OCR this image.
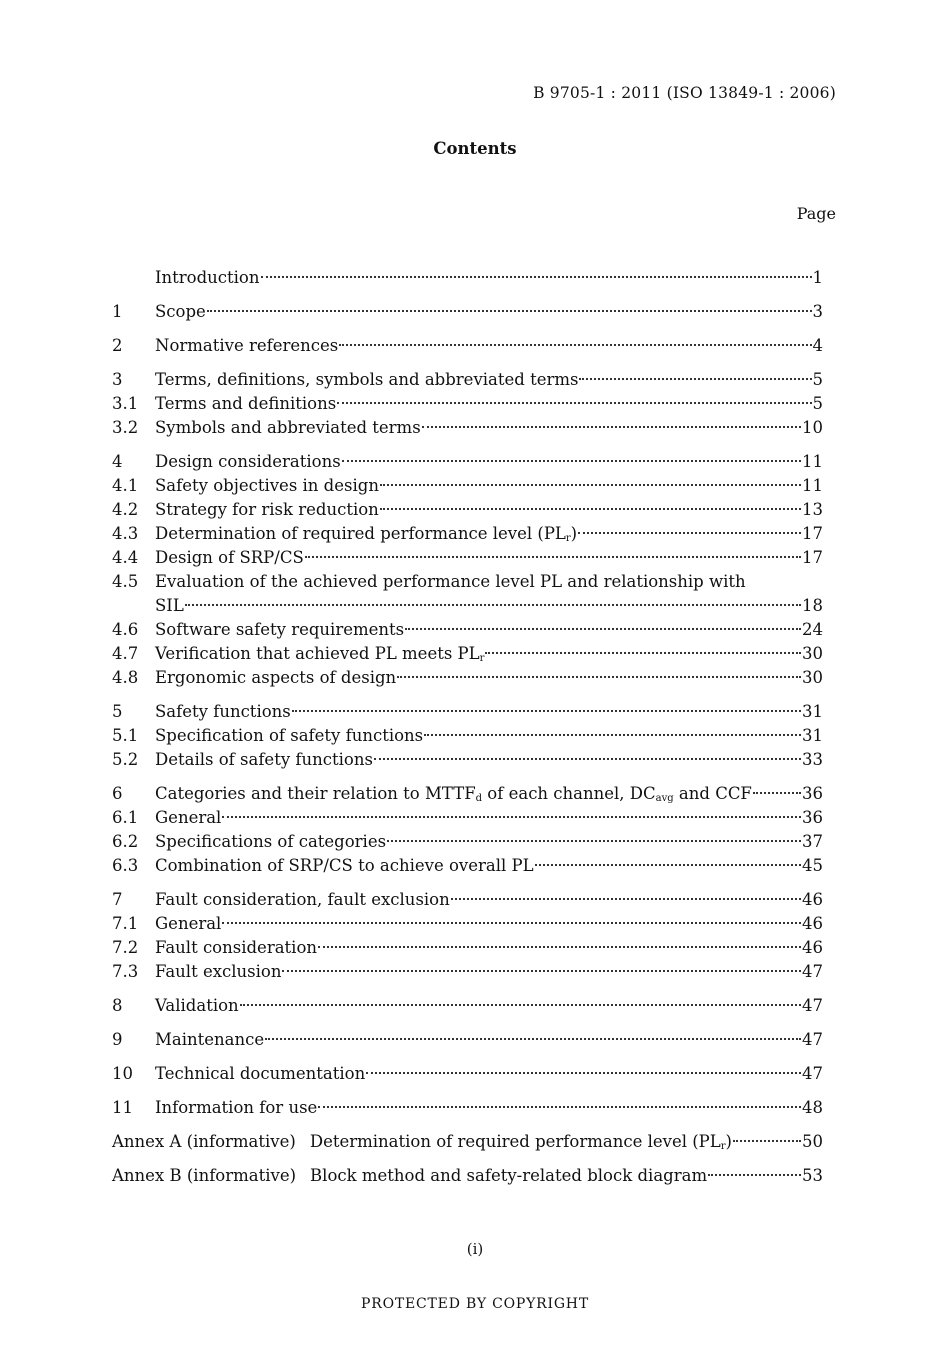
B 9705-1 : 2011 (ISO 13849-1 : 2006)
Contents
Page
Introduction	1
1	Scope	3
2	Normative references	4
3	Terms, definitions, symbols and abbreviated terms	5
3.1	Terms and definitions	5
3.2	Symbols and abbreviated terms	10
4	Design considerations	11
4.1	Safety objectives in design	11
4.2	Strategy for risk reduction	13
4.3	Determination of required performance level $(PL_r)$	17
4.4	Design of SRP/CS	17
4.5	Evaluation of the achieved performance level PL and relationship with
SIL	18
4.6	Software safety requirements	24
4.7	Verification that achieved PL meets $PL_r$	30
4.8	Ergonomic aspects of design	30
5	Safety functions	31
5.1	Specification of safety functions	31
5.2	Details of safety functions	33
6	Categories and their relation to $MTTF_d$ of each channel, $DC_{avg}$ and CCF	36
6.1	General	36
6.2	Specifications of categories	37
6.3	Combination of SRP/CS to achieve overall PL	45
7	Fault consideration, fault exclusion	46
7.1	General	46
7.2	Fault consideration	46
7.3	Fault exclusion	47
8	Validation	47
9	Maintenance	47
10	Technical documentation	47
11	Information for use	48
Annex A (informative) Determination of required performance level $(PL_r)$	50
Annex B (informative) Block method and safety-related block diagram	53
(i)
PROTECTED BY COPYRIGHT
